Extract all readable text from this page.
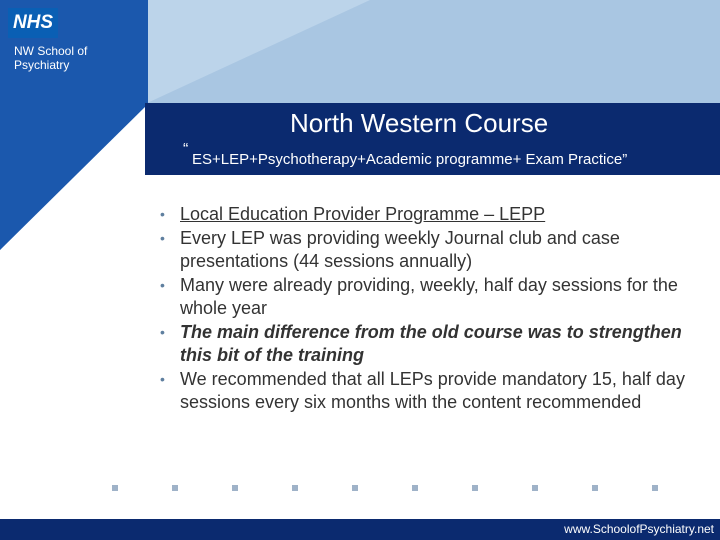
NHS
NW School of
Psychiatry
North Western Course
“
ES+LEP+Psychotherapy+Academic programme+ Exam Practice”
• Local Education Provider Programme – LEPP
• Every LEP was providing weekly Journal club and case presentations (44 sessions annually)
• Many were already providing, weekly, half day sessions for the whole year
• The main difference from the old course was to strengthen this bit of the training
• We recommended that all LEPs provide mandatory 15, half day sessions every six months with the content recommended
www.SchoolofPsychiatry.net
